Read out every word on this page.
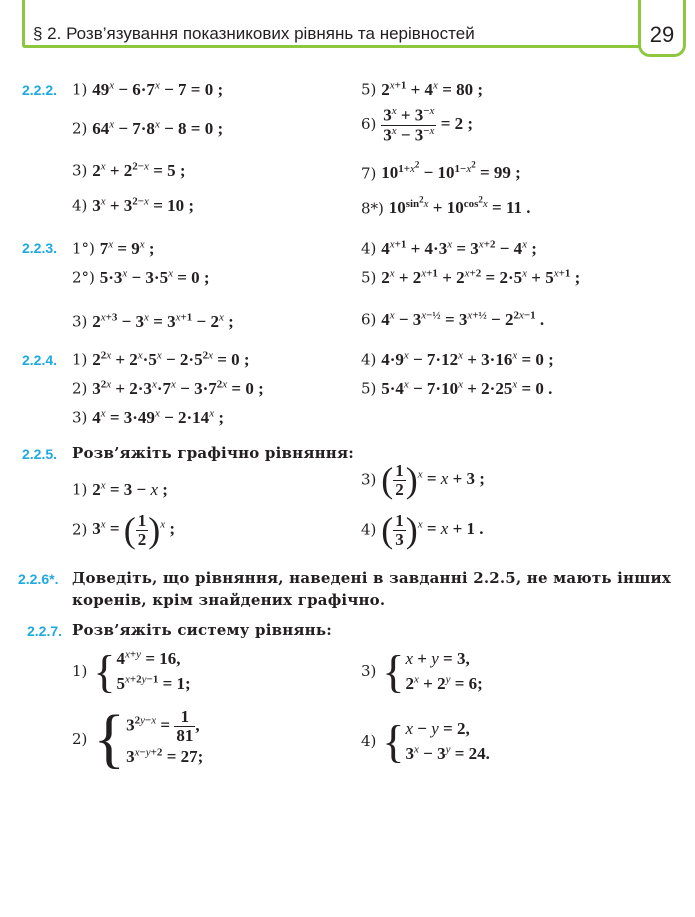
§ 2. Розв’язування показникових рівнянь та нерівностей	29
2.2.2. 1) $49^x - 6\cdot 7^x - 7 = 0$ ;
2) $64^x - 7\cdot 8^x - 8 = 0$ ;
3) $2^x + 2^{2-x} = 5$ ;
4) $3^x + 3^{2-x} = 10$ ;
5) $2^{x+1} + 4^x = 80$ ;
$6) \frac{3^x + 3^{-x}}{3^x - 3^{-x}} = 2$ ;
7) $10^{1+x^2} - 10^{1-x^2} = 99$ ;
8*) $10^{sin^2x} + 10^{cos^2x} = 11$ .
2.2.3. 1°) $7^x = 9^x$ ;
2°) $5\cdot 3^x - 3\cdot 5^x = 0$ ;
3) $2^{x+3} - 3^x = 3^{x+1} - 2^x$ ;
4) $4^{x+1} + 4\cdot 3^x = 3^{x+2} - 4^x$ ;
5) $2^x + 2^{x+1} + 2^{x+2} = 2\cdot 5^x + 5^{x+1}$ ;
6) $4^x - 3^{x-\frac{1}{2}} = 3^{x+\frac{1}{2}} - 2^{2x-1}$ .
2.2.4. 1) $2^{2x} + 2^x\cdot 5^x - 2\cdot 5^{2x} = 0$ ;
2) $3^{2x} + 2\cdot 3^x\cdot 7^x - 3\cdot 7^{2x} = 0$ ;
3) $4^x = 3\cdot 49^x - 2\cdot 14^x$ ;
4) $4\cdot 9^x - 7\cdot 12^x + 3\cdot 16^x = 0$ ;
5) $5\cdot 4^x - 7\cdot 10^x + 2\cdot 25^x = 0$ .
2.2.5. Розв’яжіть графічно рівняння:
1) $2^x = 3 - x$ ;
2) $3^x$ = ( $\frac{1}{2} )^x$ ;
3) ( $\frac{1}{2} )^x = x + 3$ ;
4) ( $\frac{1}{3} )^x = x + 1$ .
2.2.6*. Доведіть, що рівняння, наведені в завданні 2.2.5, не мають інших
коренів, крім знайдених графічно.
2.2.7. Розв’яжіть систему рівнянь:
1) { $4^{x+y} = 16$,
$5^{x+2y-1} = 1$;
2) { $3^{2y-x} = \frac{1}{81}$ ,
$3^{x-y+2} = 27$;
3) { x + y = 3,
$2^x + 2^y = 6$;
4) { x − y = 2,
$3^x - 3^y = 24$.
